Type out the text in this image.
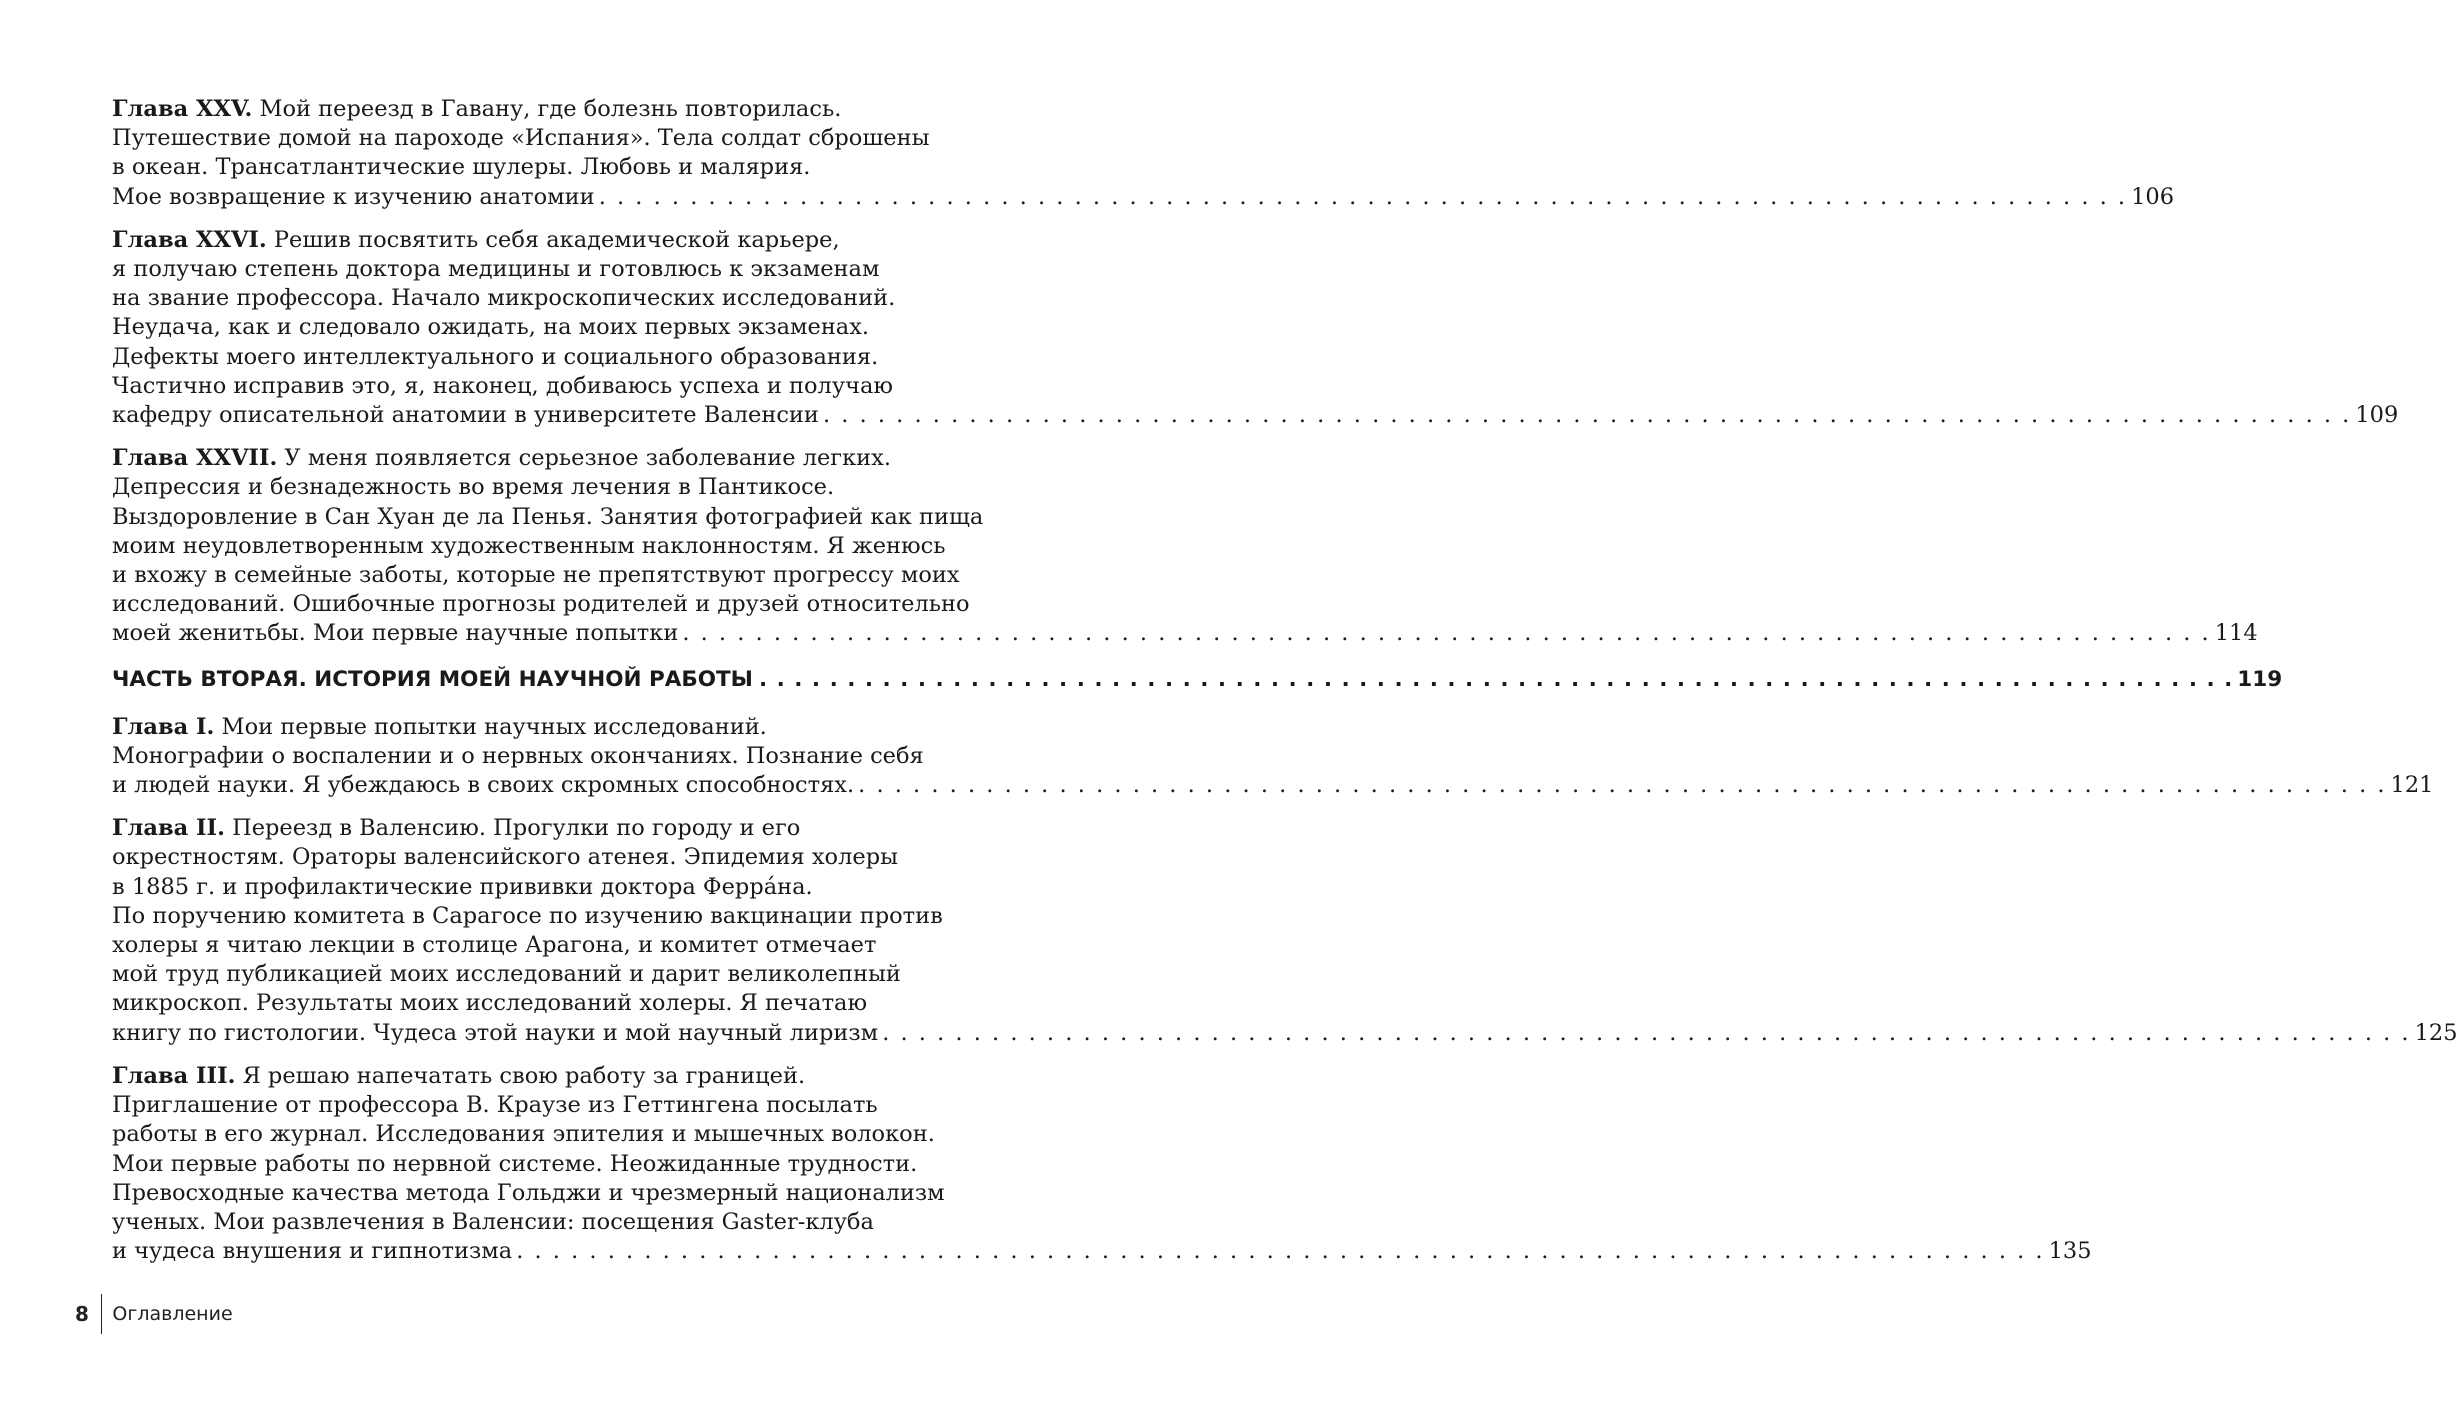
Глава XXV. Мой переезд в Гавану, где болезнь повторилась.
Путешествие домой на пароходе «Испания». Тела солдат сброшены
в океан. Трансатлантические шулеры. Любовь и малярия.
Мое возвращение к изучению анатомии . . .	106
Глава XXVI. Решив посвятить себя академической карьере,
я получаю степень доктора медицины и готовлюсь к экзаменам
на звание профессора. Начало микроскопических исследований.
Неудача, как и следовало ожидать, на моих первых экзаменах.
Дефекты моего интеллектуального и социального образования.
Частично исправив это, я, наконец, добиваюсь успеха и получаю
кафедру описательной анатомии в университете Валенсии . . .	109
Глава XXVII. У меня появляется серьезное заболевание легких.
Депрессия и безнадежность во время лечения в Пантикосе.
Выздоровление в Сан Хуан де ла Пенья. Занятия фотографией как пища
моим неудовлетворенным художественным наклонностям. Я женюсь
и вхожу в семейные заботы, которые не препятствуют прогрессу моих
исследований. Ошибочные прогнозы родителей и друзей относительно
моей женитьбы. Мои первые научные попытки . . .	114
ЧАСТЬ ВТОРАЯ. ИСТОРИЯ МОЕЙ НАУЧНОЙ РАБОТЫ . . .	119
Глава I. Мои первые попытки научных исследований.
Монографии о воспалении и о нервных окончаниях. Познание себя
и людей науки. Я убеждаюсь в своих скромных способностях. . . .	121
Глава II. Переезд в Валенсию. Прогулки по городу и его
окрестностям. Ораторы валенсийского атенея. Эпидемия холеры
в 1885 г. и профилактические прививки доктора Ферра́на.
По поручению комитета в Сарагосе по изучению вакцинации против
холеры я читаю лекции в столице Арагона, и комитет отмечает
мой труд публикацией моих исследований и дарит великолепный
микроскоп. Результаты моих исследований холеры. Я печатаю
книгу по гистологии. Чудеса этой науки и мой научный лиризм . . .	125
Глава III. Я решаю напечатать свою работу за границей.
Приглашение от профессора В. Краузе из Геттингена посылать
работы в его журнал. Исследования эпителия и мышечных волокон.
Мои первые работы по нервной системе. Неожиданные трудности.
Превосходные качества метода Гольджи и чрезмерный национализм
ученых. Мои развлечения в Валенсии: посещения Gaster-клуба
и чудеса внушения и гипнотизма . . .	135
8	Оглавление
